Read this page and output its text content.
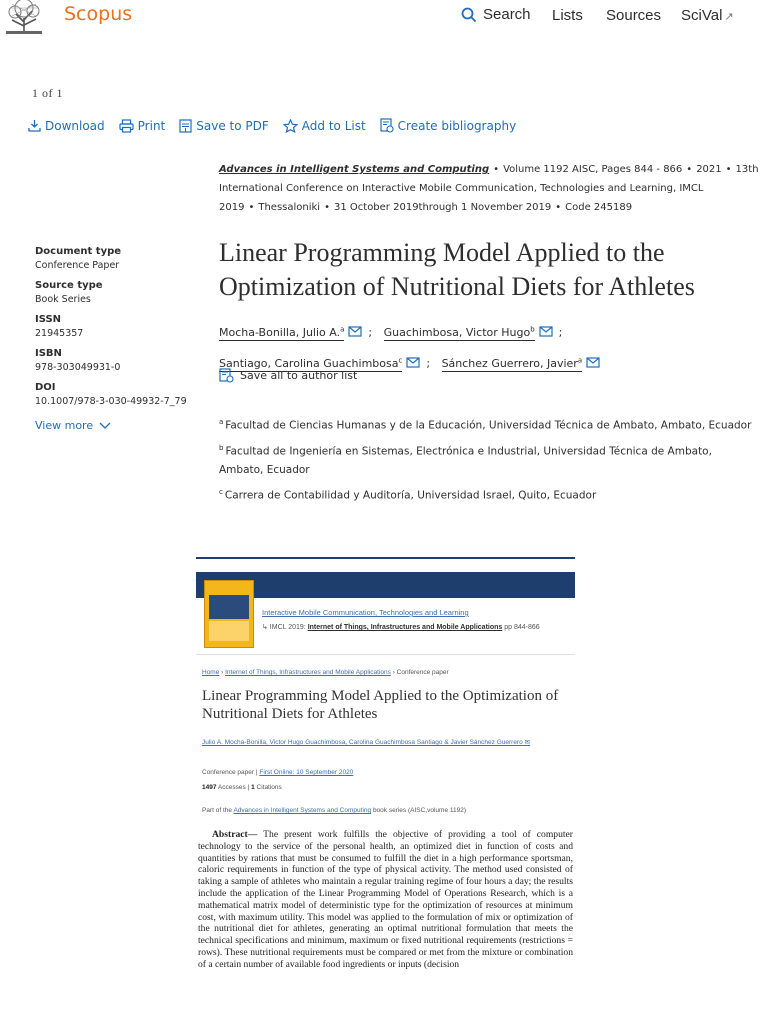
Scopus	Search Lists Sources SciVal ↗
1 of 1
Download	Print	Save to PDF	Add to List	Create bibliography
Advances in Intelligent Systems and Computing • Volume 1192 AISC, Pages 844 - 866 • 2021 • 13th International Conference on Interactive Mobile Communication, Technologies and Learning, IMCL 2019 • Thessaloniki • 31 October 2019through 1 November 2019 • Code 245189
Document type
Conference Paper
Source type
Book Series
ISSN
21945357
ISBN
978-303049931-0
DOI
10.1007/978-3-030-49932-7_79
View more
Linear Programming Model Applied to the Optimization of Nutritional Diets for Athletes
Mocha-Bonilla, Julio A.$^a$ ; Guachimbosa, Victor Hugo$^b$ ;
Santiago, Carolina Guachimbosa$^c$ ; Sánchez Guerrero, Javier$^a$
Save all to author list

$^a$ Facultad de Ciencias Humanas y de la Educación, Universidad Técnica de Ambato, Ambato, Ecuador

$^b$ Facultad de Ingeniería en Sistemas, Electrónica e Industrial, Universidad Técnica de Ambato, Ambato, Ecuador

$^c$ Carrera de Contabilidad y Auditoría, Universidad Israel, Quito, Ecuador

Interactive Mobile Communication, Technologies and Learning
↳ IMCL 2019: Internet of Things, Infrastructures and Mobile Applications pp 844-866
Home › Internet of Things, Infrastructures and Mobile Applications › Conference paper
Linear Programming Model Applied to the Optimization of Nutritional Diets for Athletes
Julio A. Mocha-Bonilla, Victor Hugo Guachimbosa, Carolina Guachimbosa Santiago & Javier Sánchez Guerrero ✉
Conference paper | First Online: 10 September 2020
1497 Accesses | 1 Citations
Part of the Advances in Intelligent Systems and Computing book series (AISC,volume 1192)
Abstract— The present work fulfills the objective of providing a tool of computer technology to the service of the personal health, an optimized diet in function of costs and quantities by rations that must be consumed to fulfill the diet in a high performance sportsman, caloric requirements in function of the type of physical activity. The method used consisted of taking a sample of athletes who maintain a regular training regime of four hours a day; the results include the application of the Linear Programming Model of Operations Research, which is a mathematical matrix model of deterministic type for the optimization of resources at minimum cost, with maximum utility. This model was applied to the formulation of mix or optimization of the nutritional diet for athletes, generating an optimal nutritional formulation that meets the technical specifications and minimum, maximum or fixed nutritional requirements (restrictions = rows). These nutritional requirements must be compared or met from the mixture or combination of a certain number of available food ingredients or inputs (decision
